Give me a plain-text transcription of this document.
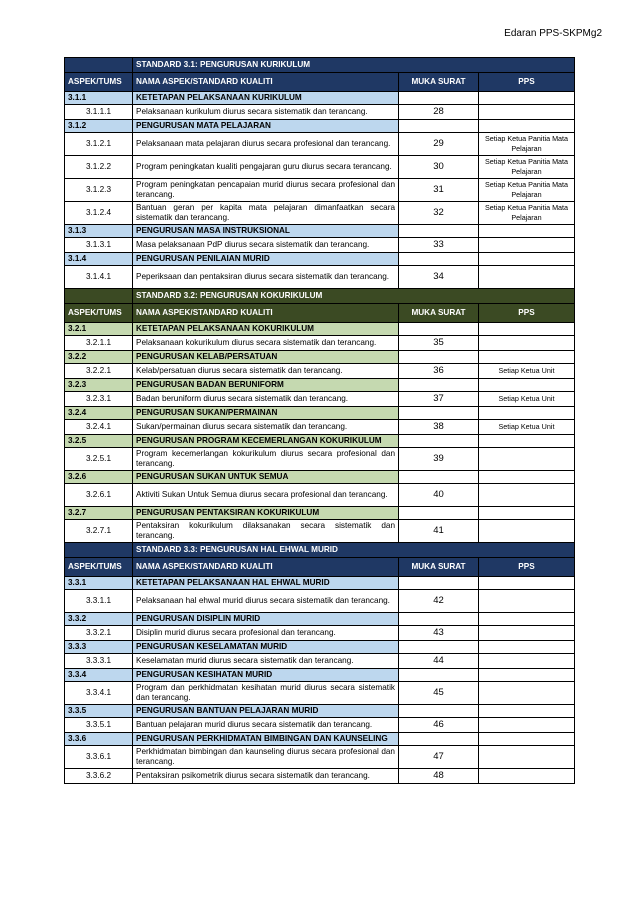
Edaran PPS-SKPMg2
	STANDARD 3.1: PENGURUSAN KURIKULUM		
ASPEK/TUMS	NAMA ASPEK/STANDARD KUALITI	MUKA SURAT	PPS
3.1.1	KETETAPAN PELAKSANAAN KURIKULUM		
3.1.1.1	Pelaksanaan kurikulum diurus secara sistematik dan terancang.	28	
3.1.2	PENGURUSAN MATA PELAJARAN		
3.1.2.1	Pelaksanaan mata pelajaran diurus secara profesional dan terancang.	29	Setiap Ketua Panitia Mata Pelajaran
3.1.2.2	Program peningkatan kualiti pengajaran guru diurus secara terancang.	30	Setiap Ketua Panitia Mata Pelajaran
3.1.2.3	Program peningkatan pencapaian murid diurus secara profesional dan terancang.	31	Setiap Ketua Panitia Mata Pelajaran
3.1.2.4	Bantuan geran per kapita mata pelajaran dimanfaatkan secara sistematik dan terancang.	32	Setiap Ketua Panitia Mata Pelajaran
3.1.3	PENGURUSAN MASA INSTRUKSIONAL		
3.1.3.1	Masa pelaksanaan PdP diurus secara sistematik dan terancang.	33	
3.1.4	PENGURUSAN PENILAIAN MURID		
3.1.4.1	Peperiksaan dan pentaksiran diurus secara sistematik dan terancang.	34	
	STANDARD 3.2: PENGURUSAN KOKURIKULUM		
ASPEK/TUMS	NAMA ASPEK/STANDARD KUALITI	MUKA SURAT	PPS
3.2.1	KETETAPAN PELAKSANAAN KOKURIKULUM		
3.2.1.1	Pelaksanaan kokurikulum diurus secara sistematik dan terancang.	35	
3.2.2	PENGURUSAN KELAB/PERSATUAN		
3.2.2.1	Kelab/persatuan diurus secara sistematik dan terancang.	36	Setiap Ketua Unit
3.2.3	PENGURUSAN BADAN BERUNIFORM		
3.2.3.1	Badan beruniform diurus secara sistematik dan terancang.	37	Setiap Ketua Unit
3.2.4	PENGURUSAN SUKAN/PERMAINAN		
3.2.4.1	Sukan/permainan diurus secara sistematik dan terancang.	38	Setiap Ketua Unit
3.2.5	PENGURUSAN PROGRAM KECEMERLANGAN KOKURIKULUM		
3.2.5.1	Program kecemerlangan kokurikulum diurus secara profesional dan terancang.	39	
3.2.6	PENGURUSAN SUKAN UNTUK SEMUA		
3.2.6.1	Aktiviti Sukan Untuk Semua diurus secara profesional dan terancang.	40	
3.2.7	PENGURUSAN PENTAKSIRAN KOKURIKULUM		
3.2.7.1	Pentaksiran kokurikulum dilaksanakan secara sistematik dan terancang.	41	
	STANDARD 3.3: PENGURUSAN HAL EHWAL MURID		
ASPEK/TUMS	NAMA ASPEK/STANDARD KUALITI	MUKA SURAT	PPS
3.3.1	KETETAPAN PELAKSANAAN HAL EHWAL MURID		
3.3.1.1	Pelaksanaan hal ehwal murid diurus secara sistematik dan terancang.	42	
3.3.2	PENGURUSAN DISIPLIN MURID		
3.3.2.1	Disiplin murid diurus secara profesional dan terancang.	43	
3.3.3	PENGURUSAN KESELAMATAN MURID		
3.3.3.1	Keselamatan murid diurus secara sistematik dan terancang.	44	
3.3.4	PENGURUSAN KESIHATAN MURID		
3.3.4.1	Program dan perkhidmatan kesihatan murid diurus secara sistematik dan terancang.	45	
3.3.5	PENGURUSAN BANTUAN PELAJARAN MURID		
3.3.5.1	Bantuan pelajaran murid diurus secara sistematik dan terancang.	46	
3.3.6	PENGURUSAN PERKHIDMATAN BIMBINGAN DAN KAUNSELING		
3.3.6.1	Perkhidmatan bimbingan dan kaunseling diurus secara profesional dan terancang.	47	
3.3.6.2	Pentaksiran psikometrik diurus secara sistematik dan terancang.	48	
